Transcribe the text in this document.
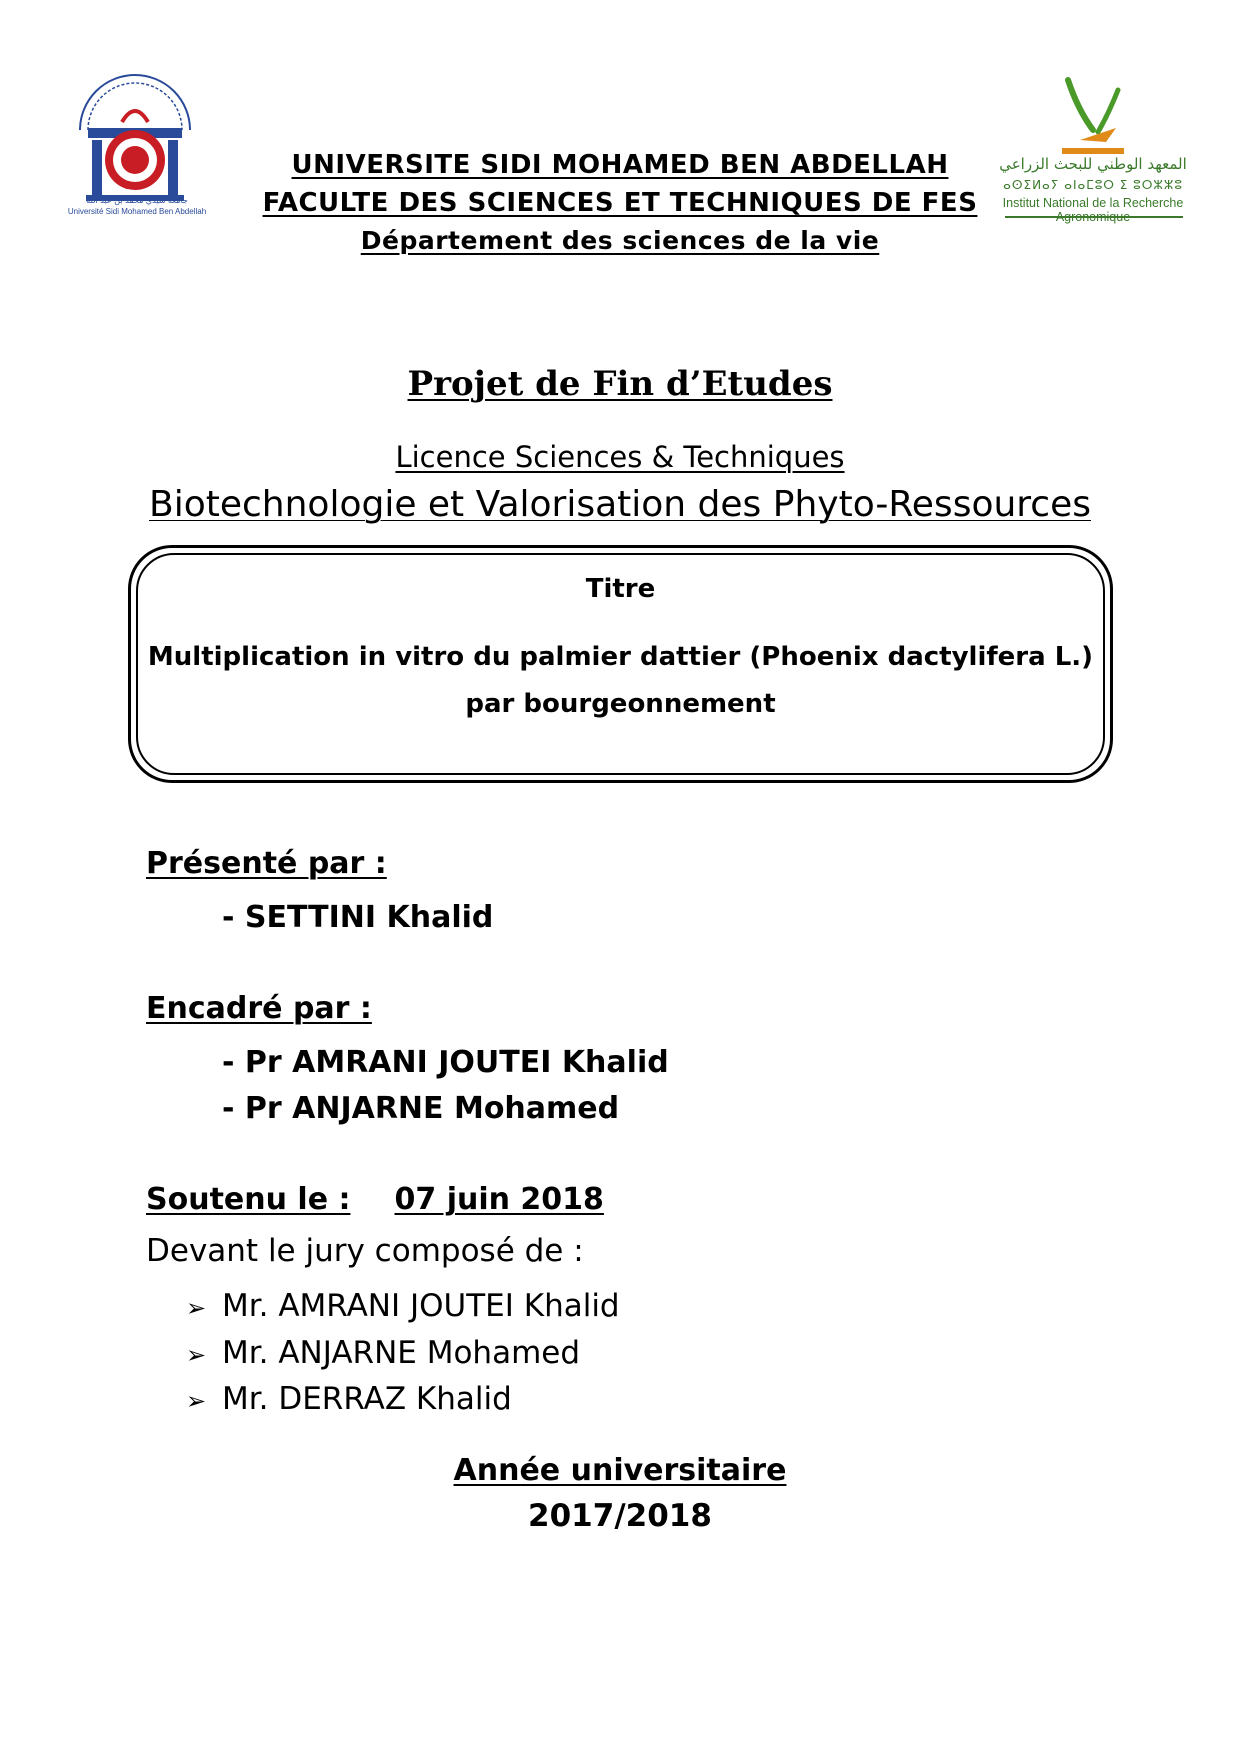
جامعة سيدي محمد بن عبد الله
Université Sidi Mohamed Ben Abdellah
المعهد الوطني للبحث الزراعي
ⴰⵙⵉⵍⴰⵢ ⴰⵏⴰⵎⵓⵔ ⵉ ⵓⵔⵣⵣⵓ
Institut National de la Recherche
UNIVERSITE SIDI MOHAMED BEN ABDELLAH
FACULTE DES SCIENCES ET TECHNIQUES DE FES
Département des sciences de la vie
Projet de Fin d’Etudes
Licence Sciences & Techniques
Biotechnologie et Valorisation des Phyto-Ressources
Titre
Multiplication in vitro du palmier dattier (Phoenix dactylifera L.)
par bourgeonnement
Présenté par :
- SETTINI Khalid
Encadré par :
- Pr AMRANI JOUTEI Khalid
- Pr ANJARNE Mohamed
Soutenu le : 07 juin 2018
Devant le jury composé de :
➢ Mr. AMRANI JOUTEI Khalid
➢ Mr. ANJARNE Mohamed
➢ Mr. DERRAZ Khalid
Année universitaire
2017/2018
